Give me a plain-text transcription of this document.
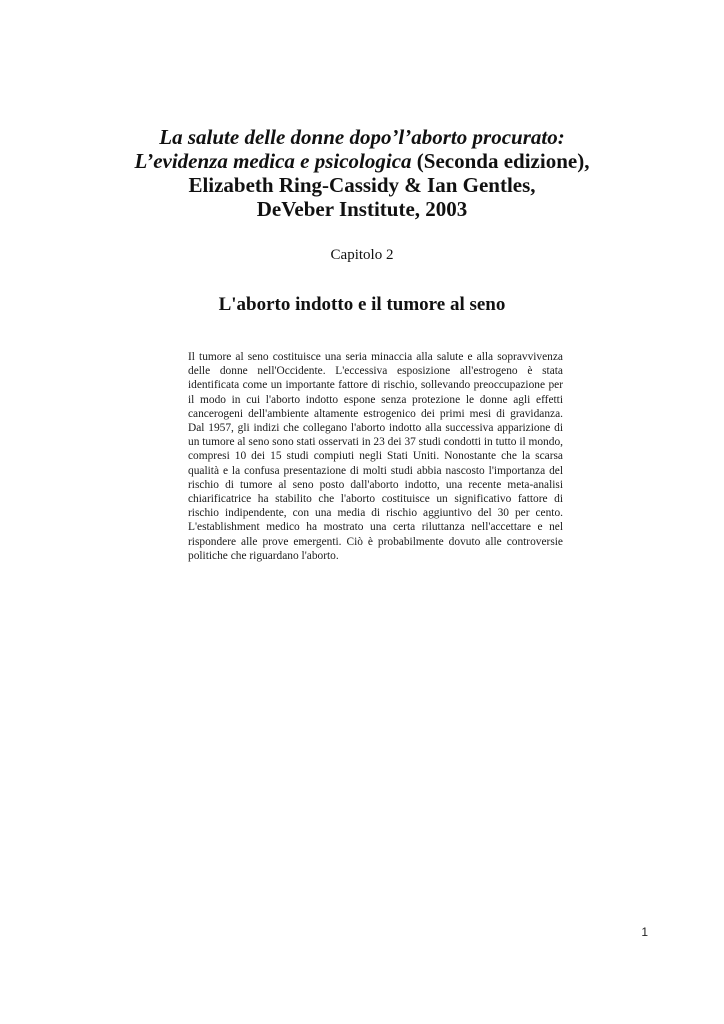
La salute delle donne dopo’l’aborto procurato:
L’evidenza medica e psicologica (Seconda edizione),
Elizabeth Ring-Cassidy & Ian Gentles,
DeVeber Institute, 2003
Capitolo 2
L'aborto indotto e il tumore al seno
Il tumore al seno costituisce una seria minaccia alla salute e alla sopravvivenza delle donne nell'Occidente. L'eccessiva esposizione all'estrogeno è stata identificata come un importante fattore di rischio, sollevando preoccupazione per il modo in cui l'aborto indotto espone senza protezione le donne agli effetti cancerogeni dell'ambiente altamente estrogenico dei primi mesi di gravidanza. Dal 1957, gli indizi che collegano l'aborto indotto alla successiva apparizione di un tumore al seno sono stati osservati in 23 dei 37 studi condotti in tutto il mondo, compresi 10 dei 15 studi compiuti negli Stati Uniti. Nonostante che la scarsa qualità e la confusa presentazione di molti studi abbia nascosto l'importanza del rischio di tumore al seno posto dall'aborto indotto, una recente meta-analisi chiarificatrice ha stabilito che l'aborto costituisce un significativo fattore di rischio indipendente, con una media di rischio aggiuntivo del 30 per cento. L'establishment medico ha mostrato una certa riluttanza nell'accettare e nel rispondere alle prove emergenti. Ciò è probabilmente dovuto alle controversie politiche che riguardano l'aborto.
1
